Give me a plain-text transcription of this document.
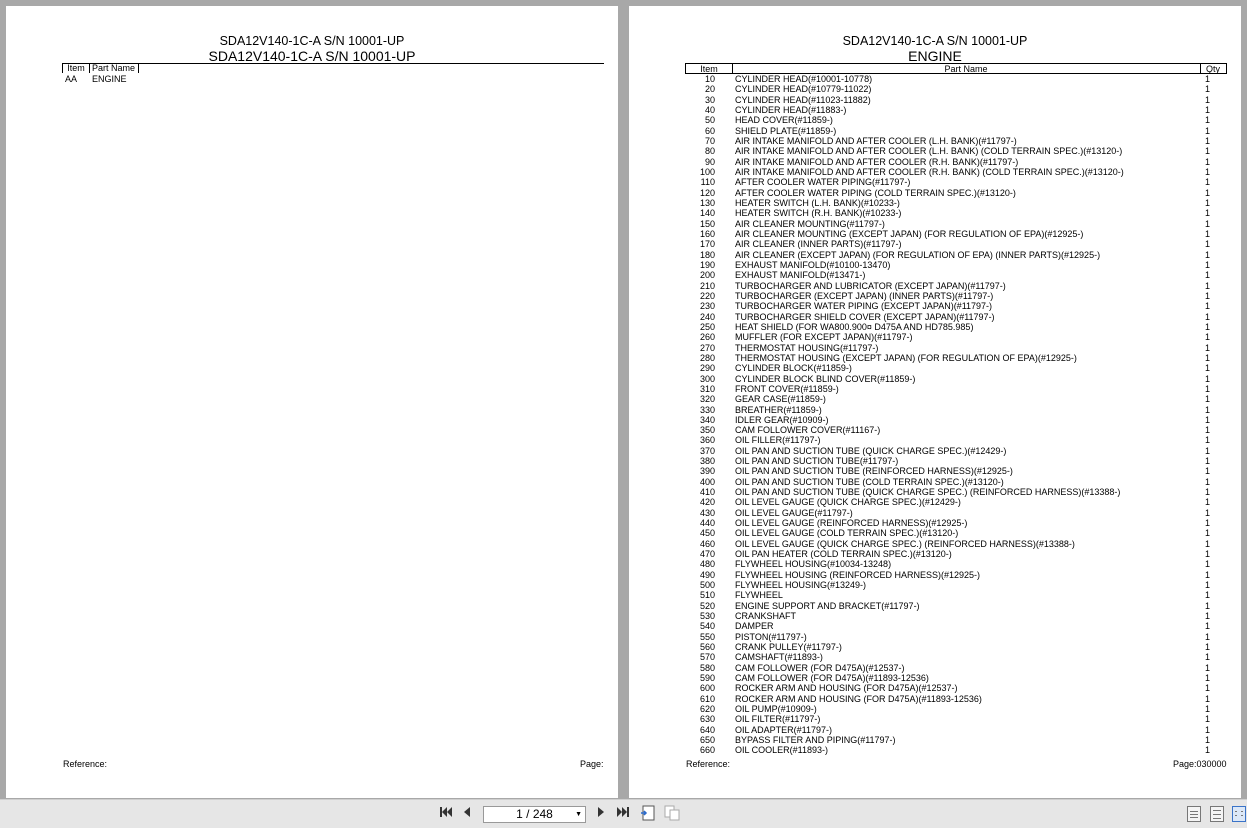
SDA12V140-1C-A S/N 10001-UP
SDA12V140-1C-A S/N 10001-UP
Item Part Name
AA ENGINE
Reference:	Page:
SDA12V140-1C-A S/N 10001-UP
ENGINE
Item	Part Name	Qty
10 CYLINDER HEAD(#10001-10778)	1
20 CYLINDER HEAD(#10779-11022)	1
30 CYLINDER HEAD(#11023-11882)	1
40 CYLINDER HEAD(#11883-)	1
50 HEAD COVER(#11859-)	1
60 SHIELD PLATE(#11859-)	1
70 AIR INTAKE MANIFOLD AND AFTER COOLER (L.H. BANK)(#11797-)	1
80 AIR INTAKE MANIFOLD AND AFTER COOLER (L.H. BANK) (COLD TERRAIN SPEC.)(#13120-)	1
90 AIR INTAKE MANIFOLD AND AFTER COOLER (R.H. BANK)(#11797-)	1
100 AIR INTAKE MANIFOLD AND AFTER COOLER (R.H. BANK) (COLD TERRAIN SPEC.)(#13120-)	1
110 AFTER COOLER WATER PIPING(#11797-)	1
120 AFTER COOLER WATER PIPING (COLD TERRAIN SPEC.)(#13120-)	1
130 HEATER SWITCH (L.H. BANK)(#10233-)	1
140 HEATER SWITCH (R.H. BANK)(#10233-)	1
150 AIR CLEANER MOUNTING(#11797-)	1
160 AIR CLEANER MOUNTING (EXCEPT JAPAN) (FOR REGULATION OF EPA)(#12925-)	1
170 AIR CLEANER (INNER PARTS)(#11797-)	1
180 AIR CLEANER (EXCEPT JAPAN) (FOR REGULATION OF EPA) (INNER PARTS)(#12925-)	1
190 EXHAUST MANIFOLD(#10100-13470)	1
200 EXHAUST MANIFOLD(#13471-)	1
210 TURBOCHARGER AND LUBRICATOR (EXCEPT JAPAN)(#11797-)	1
220 TURBOCHARGER (EXCEPT JAPAN) (INNER PARTS)(#11797-)	1
230 TURBOCHARGER WATER PIPING (EXCEPT JAPAN)(#11797-)	1
240 TURBOCHARGER SHIELD COVER (EXCEPT JAPAN)(#11797-)	1
250 HEAT SHIELD (FOR WA800.900¤ D475A AND HD785.985)	1
260 MUFFLER (FOR EXCEPT JAPAN)(#11797-)	1
270 THERMOSTAT HOUSING(#11797-)	1
280 THERMOSTAT HOUSING (EXCEPT JAPAN) (FOR REGULATION OF EPA)(#12925-)	1
290 CYLINDER BLOCK(#11859-)	1
300 CYLINDER BLOCK BLIND COVER(#11859-)	1
310 FRONT COVER(#11859-)	1
320 GEAR CASE(#11859-)	1
330 BREATHER(#11859-)	1
340 IDLER GEAR(#10909-)	1
350 CAM FOLLOWER COVER(#11167-)	1
360 OIL FILLER(#11797-)	1
370 OIL PAN AND SUCTION TUBE (QUICK CHARGE SPEC.)(#12429-)	1
380 OIL PAN AND SUCTION TUBE(#11797-)	1
390 OIL PAN AND SUCTION TUBE (REINFORCED HARNESS)(#12925-)	1
400 OIL PAN AND SUCTION TUBE (COLD TERRAIN SPEC.)(#13120-)	1
410 OIL PAN AND SUCTION TUBE (QUICK CHARGE SPEC.) (REINFORCED HARNESS)(#13388-)	1
420 OIL LEVEL GAUGE (QUICK CHARGE SPEC.)(#12429-)	1
430 OIL LEVEL GAUGE(#11797-)	1
440 OIL LEVEL GAUGE (REINFORCED HARNESS)(#12925-)	1
450 OIL LEVEL GAUGE (COLD TERRAIN SPEC.)(#13120-)	1
460 OIL LEVEL GAUGE (QUICK CHARGE SPEC.) (REINFORCED HARNESS)(#13388-)	1
470 OIL PAN HEATER (COLD TERRAIN SPEC.)(#13120-)	1
480 FLYWHEEL HOUSING(#10034-13248)	1
490 FLYWHEEL HOUSING (REINFORCED HARNESS)(#12925-)	1
500 FLYWHEEL HOUSING(#13249-)	1
510 FLYWHEEL	1
520 ENGINE SUPPORT AND BRACKET(#11797-)	1
530 CRANKSHAFT	1
540 DAMPER	1
550 PISTON(#11797-)	1
560 CRANK PULLEY(#11797-)	1
570 CAMSHAFT(#11893-)	1
580 CAM FOLLOWER (FOR D475A)(#12537-)	1
590 CAM FOLLOWER (FOR D475A)(#11893-12536)	1
600 ROCKER ARM AND HOUSING (FOR D475A)(#12537-)	1
610 ROCKER ARM AND HOUSING (FOR D475A)(#11893-12536)	1
620 OIL PUMP(#10909-)	1
630 OIL FILTER(#11797-)	1
640 OIL ADAPTER(#11797-)	1
650 BYPASS FILTER AND PIPING(#11797-)	1
660 OIL COOLER(#11893-)	1
Reference:	Page:030000
1 / 248	▼
